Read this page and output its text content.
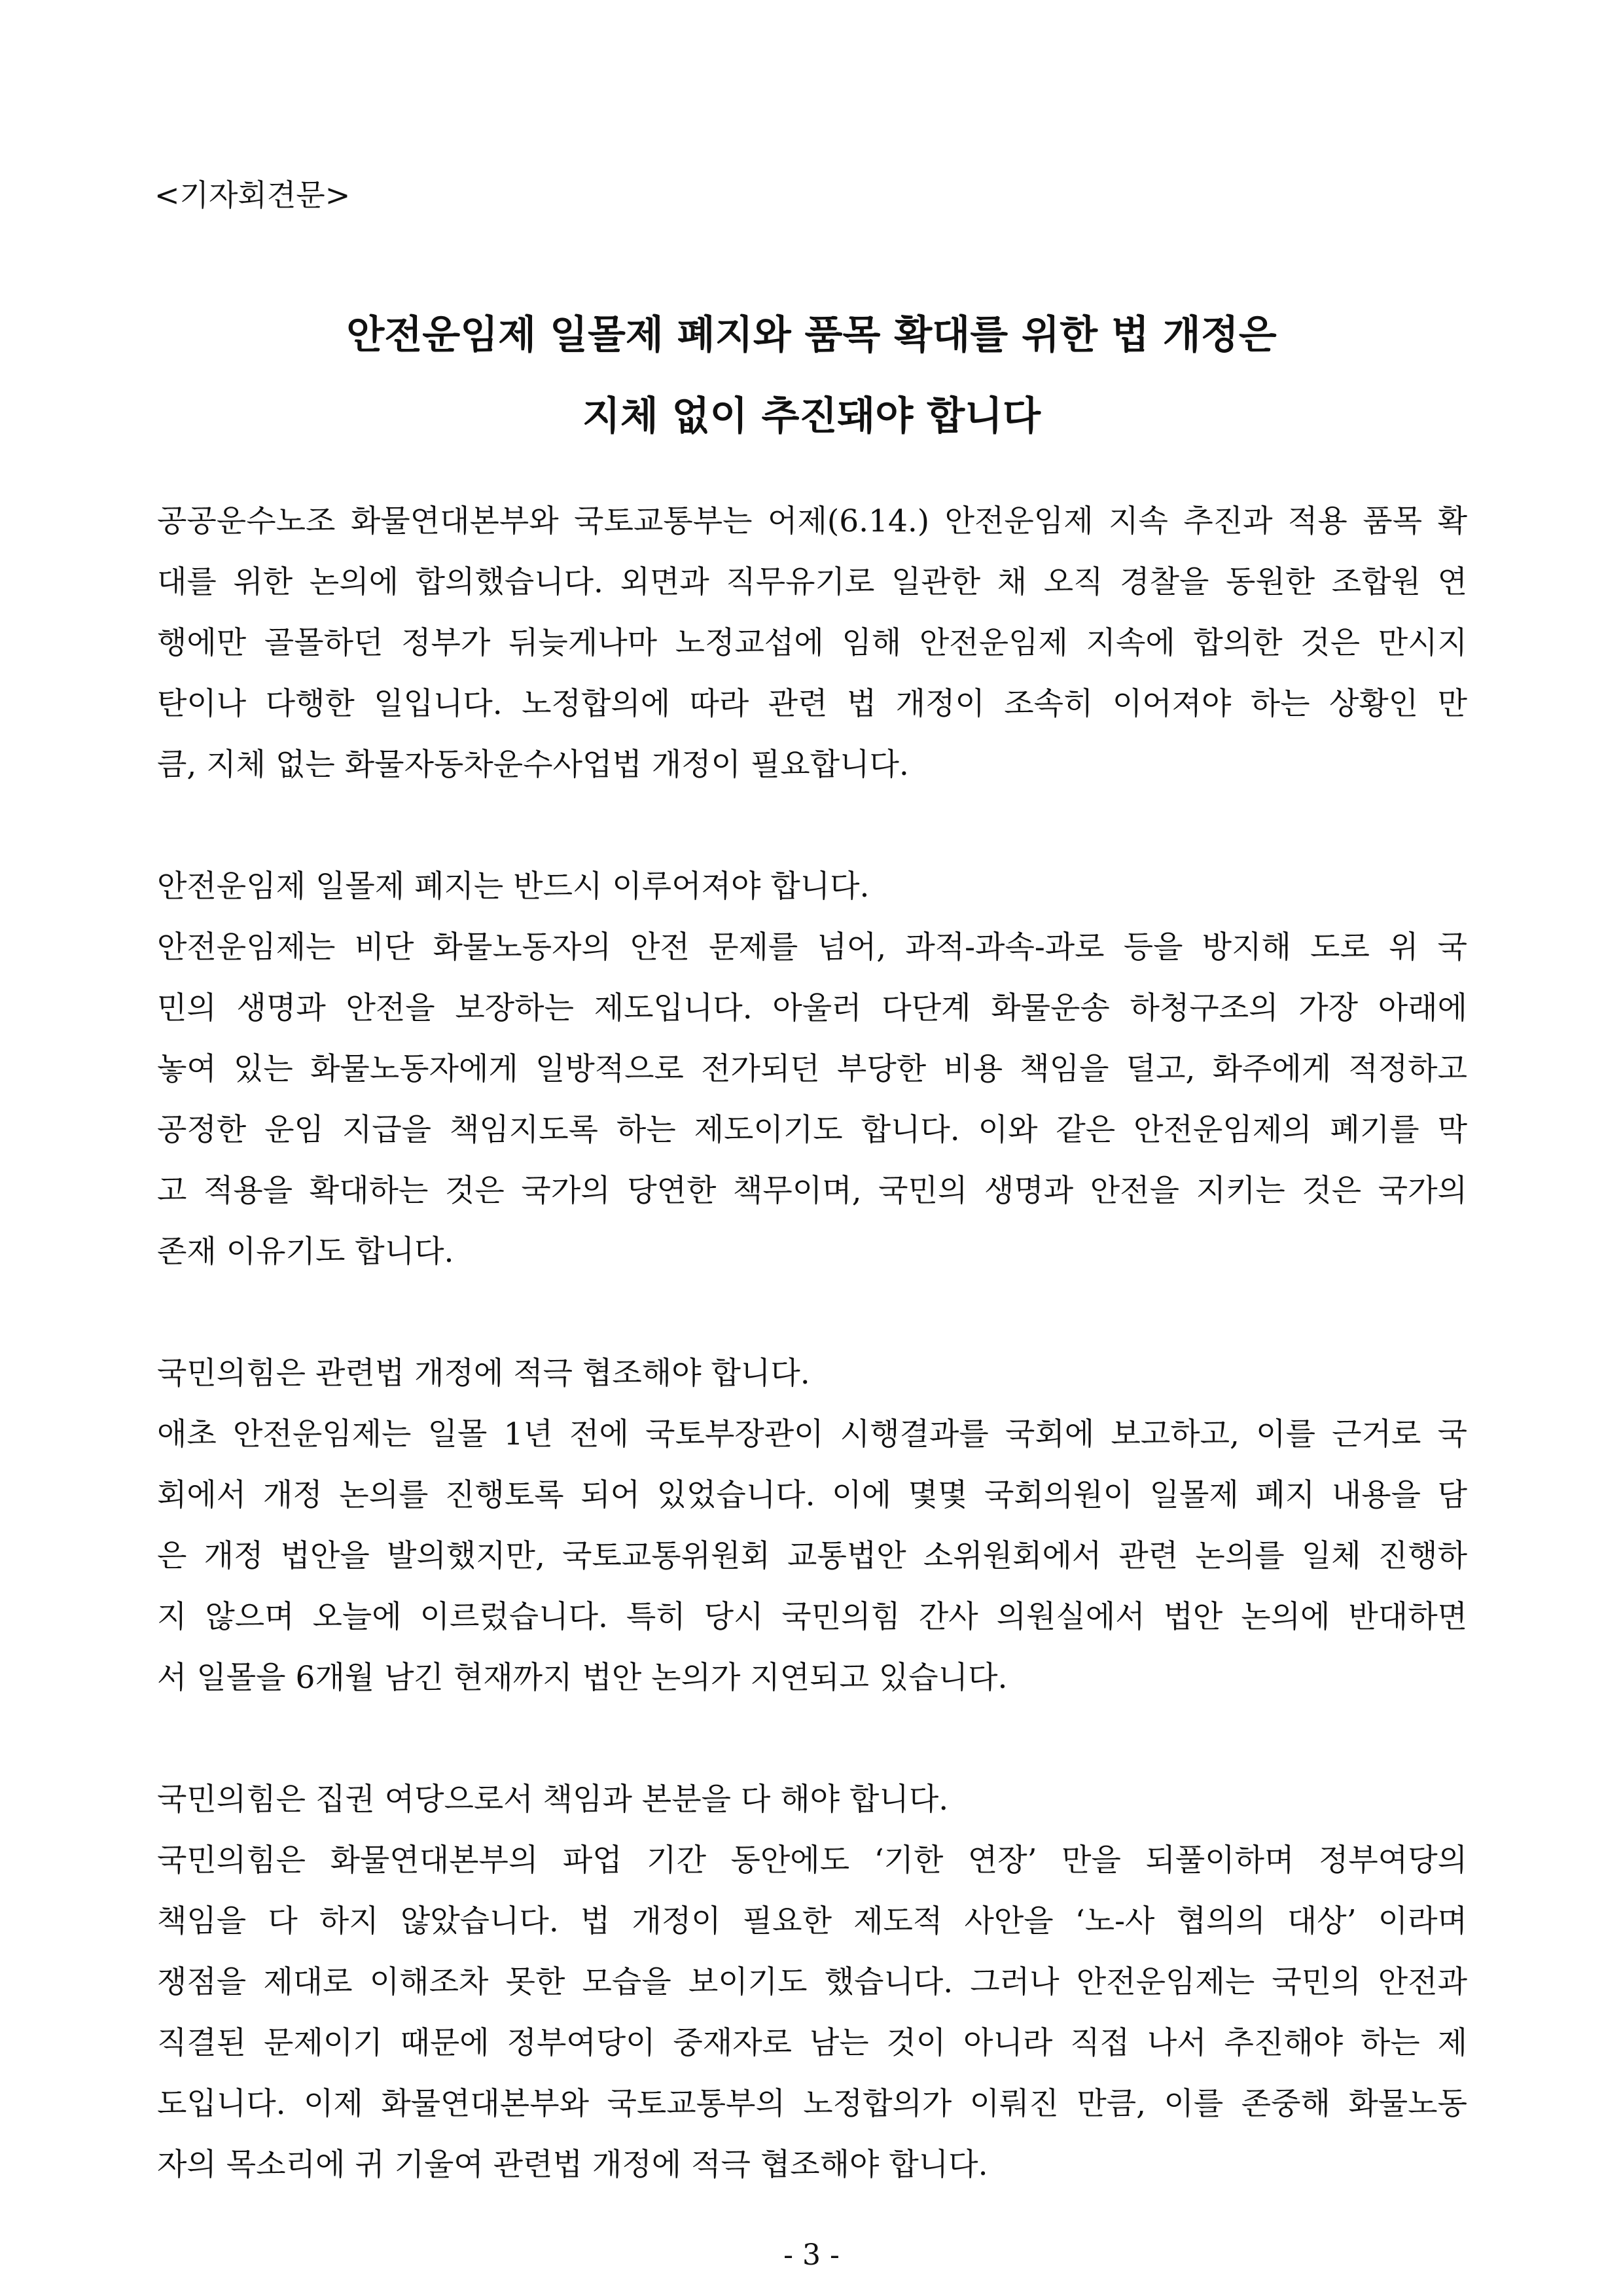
<기자회견문>
안전운임제 일몰제 폐지와 품목 확대를 위한 법 개정은
지체 없이 추진돼야 합니다
공공운수노조 화물연대본부와 국토교통부는 어제(6.14.) 안전운임제 지속 추진과 적용 품목 확
대를 위한 논의에 합의했습니다. 외면과 직무유기로 일관한 채 오직 경찰을 동원한 조합원 연
행에만 골몰하던 정부가 뒤늦게나마 노정교섭에 임해 안전운임제 지속에 합의한 것은 만시지
탄이나 다행한 일입니다. 노정합의에 따라 관련 법 개정이 조속히 이어져야 하는 상황인 만
큼, 지체 없는 화물자동차운수사업법 개정이 필요합니다.
안전운임제 일몰제 폐지는 반드시 이루어져야 합니다.
안전운임제는 비단 화물노동자의 안전 문제를 넘어, 과적-과속-과로 등을 방지해 도로 위 국
민의 생명과 안전을 보장하는 제도입니다. 아울러 다단계 화물운송 하청구조의 가장 아래에
놓여 있는 화물노동자에게 일방적으로 전가되던 부당한 비용 책임을 덜고, 화주에게 적정하고
공정한 운임 지급을 책임지도록 하는 제도이기도 합니다. 이와 같은 안전운임제의 폐기를 막
고 적용을 확대하는 것은 국가의 당연한 책무이며, 국민의 생명과 안전을 지키는 것은 국가의
존재 이유기도 합니다.
국민의힘은 관련법 개정에 적극 협조해야 합니다.
애초 안전운임제는 일몰 1년 전에 국토부장관이 시행결과를 국회에 보고하고, 이를 근거로 국
회에서 개정 논의를 진행토록 되어 있었습니다. 이에 몇몇 국회의원이 일몰제 폐지 내용을 담
은 개정 법안을 발의했지만, 국토교통위원회 교통법안 소위원회에서 관련 논의를 일체 진행하
지 않으며 오늘에 이르렀습니다. 특히 당시 국민의힘 간사 의원실에서 법안 논의에 반대하면
서 일몰을 6개월 남긴 현재까지 법안 논의가 지연되고 있습니다.
국민의힘은 집권 여당으로서 책임과 본분을 다 해야 합니다.
국민의힘은 화물연대본부의 파업 기간 동안에도 ‘기한 연장’ 만을 되풀이하며 정부여당의
책임을 다 하지 않았습니다. 법 개정이 필요한 제도적 사안을 ‘노-사 협의의 대상’ 이라며
쟁점을 제대로 이해조차 못한 모습을 보이기도 했습니다. 그러나 안전운임제는 국민의 안전과
직결된 문제이기 때문에 정부여당이 중재자로 남는 것이 아니라 직접 나서 추진해야 하는 제
도입니다. 이제 화물연대본부와 국토교통부의 노정합의가 이뤄진 만큼, 이를 존중해 화물노동
자의 목소리에 귀 기울여 관련법 개정에 적극 협조해야 합니다.
- 3 -
